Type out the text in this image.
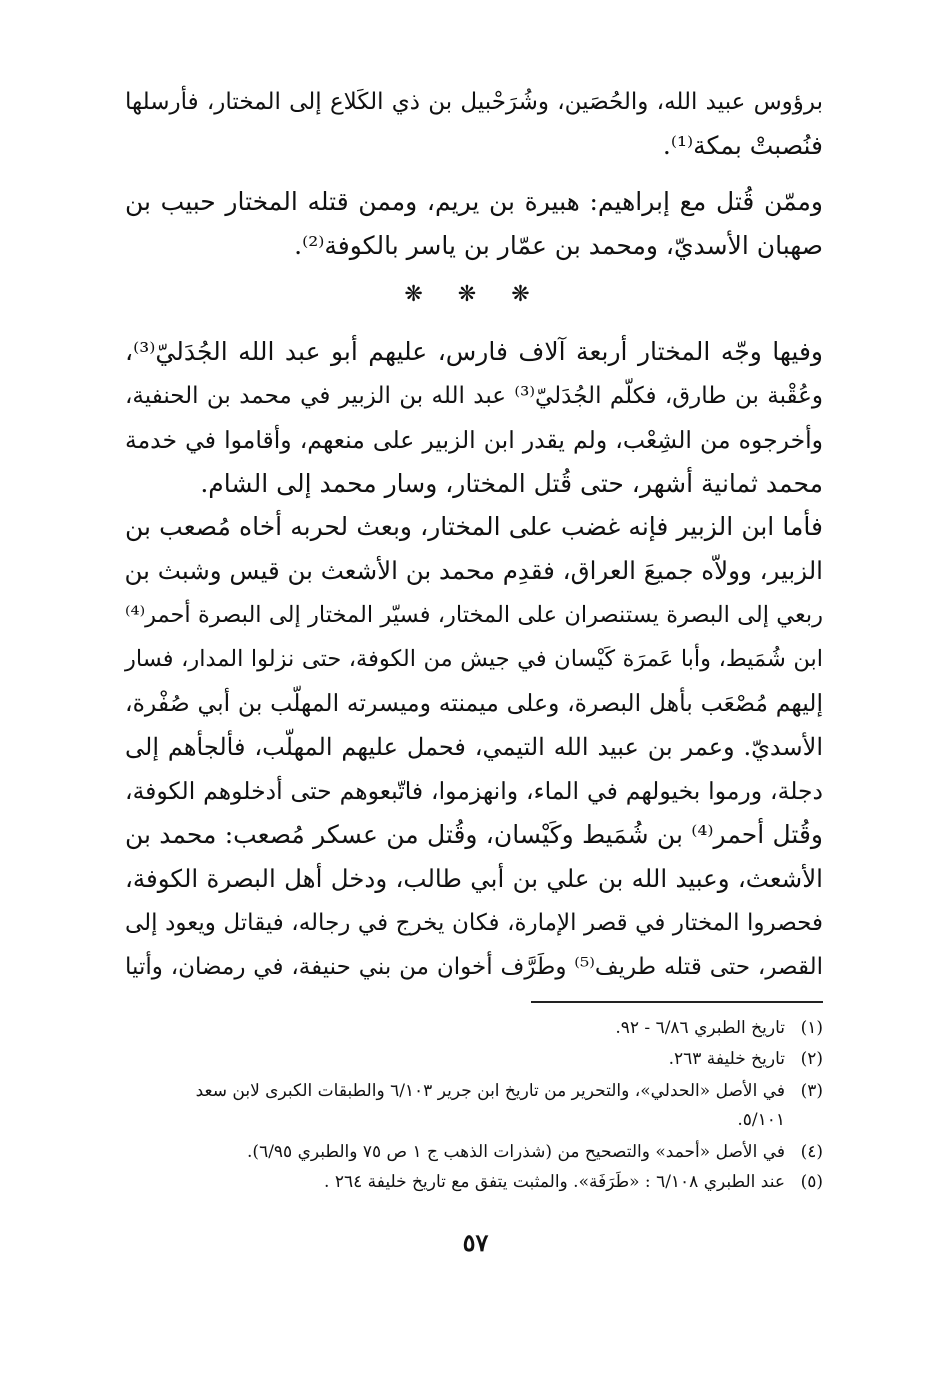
برؤوس عبيد الله، والحُصَين، وشُرَحْبيل بن ذي الكَلاع إلى المختار، فأرسلها
فنُصبتْ بمكة⁽¹⁾.
وممّن قُتل مع إبراهيم: هبيرة بن يريم، وممن قتله المختار حبيب بن
صهبان الأسديّ، ومحمد بن عمّار بن ياسر بالكوفة⁽²⁾.
❋ ❋ ❋
وفيها وجّه المختار أربعة آلاف فارس، عليهم أبو عبد الله الجُدَليّ⁽³⁾،
وعُقْبة بن طارق، فكلّم الجُدَليّ⁽³⁾ عبد الله بن الزبير في محمد بن الحنفية،
وأخرجوه من الشِعْب، ولم يقدر ابن الزبير على منعهم، وأقاموا في خدمة
محمد ثمانية أشهر، حتى قُتل المختار، وسار محمد إلى الشام.
فأما ابن الزبير فإنه غضب على المختار، وبعث لحربه أخاه مُصعب بن
الزبير، وولاّه جميعَ العراق، فقدِم محمد بن الأشعث بن قيس وشبث بن
ربعي إلى البصرة يستنصران على المختار، فسيّر المختار إلى البصرة أحمر⁽⁴⁾
ابن شُمَيط، وأبا عَمرَة كَيْسان في جيش من الكوفة، حتى نزلوا المدار، فسار
إليهم مُصْعَب بأهل البصرة، وعلى ميمنته وميسرته المهلّب بن أبي صُفْرة،
الأسديّ. وعمر بن عبيد الله التيمي، فحمل عليهم المهلّب، فألجأهم إلى
دجلة، ورموا بخيولهم في الماء، وانهزموا، فاتّبعوهم حتى أدخلوهم الكوفة،
وقُتل أحمر⁽⁴⁾ بن شُمَيط وكَيْسان، وقُتل من عسكر مُصعب: محمد بن
الأشعث، وعبيد الله بن علي بن أبي طالب، ودخل أهل البصرة الكوفة،
فحصروا المختار في قصر الإمارة، فكان يخرج في رجاله، فيقاتل ويعود إلى
القصر، حتى قتله طريف⁽⁵⁾ وطَرَّف أخوان من بني حنيفة، في رمضان، وأتيا
(١)تاريخ الطبري ٦/٨٦ - ٩٢.
(٢)تاريخ خليفة ٢٦٣.
(٣)في الأصل «الحدلي»، والتحرير من تاريخ ابن جرير ٦/١٠٣ والطبقات الكبرى لابن سعد
٥/١٠١.
(٤)في الأصل «أحمد» والتصحيح من (شذرات الذهب ج ١ ص ٧٥ والطبري ٦/٩٥).
(٥)عند الطبري ٦/١٠٨ : «طَرَفَة». والمثبت يتفق مع تاريخ خليفة ٢٦٤ .
٥٧
